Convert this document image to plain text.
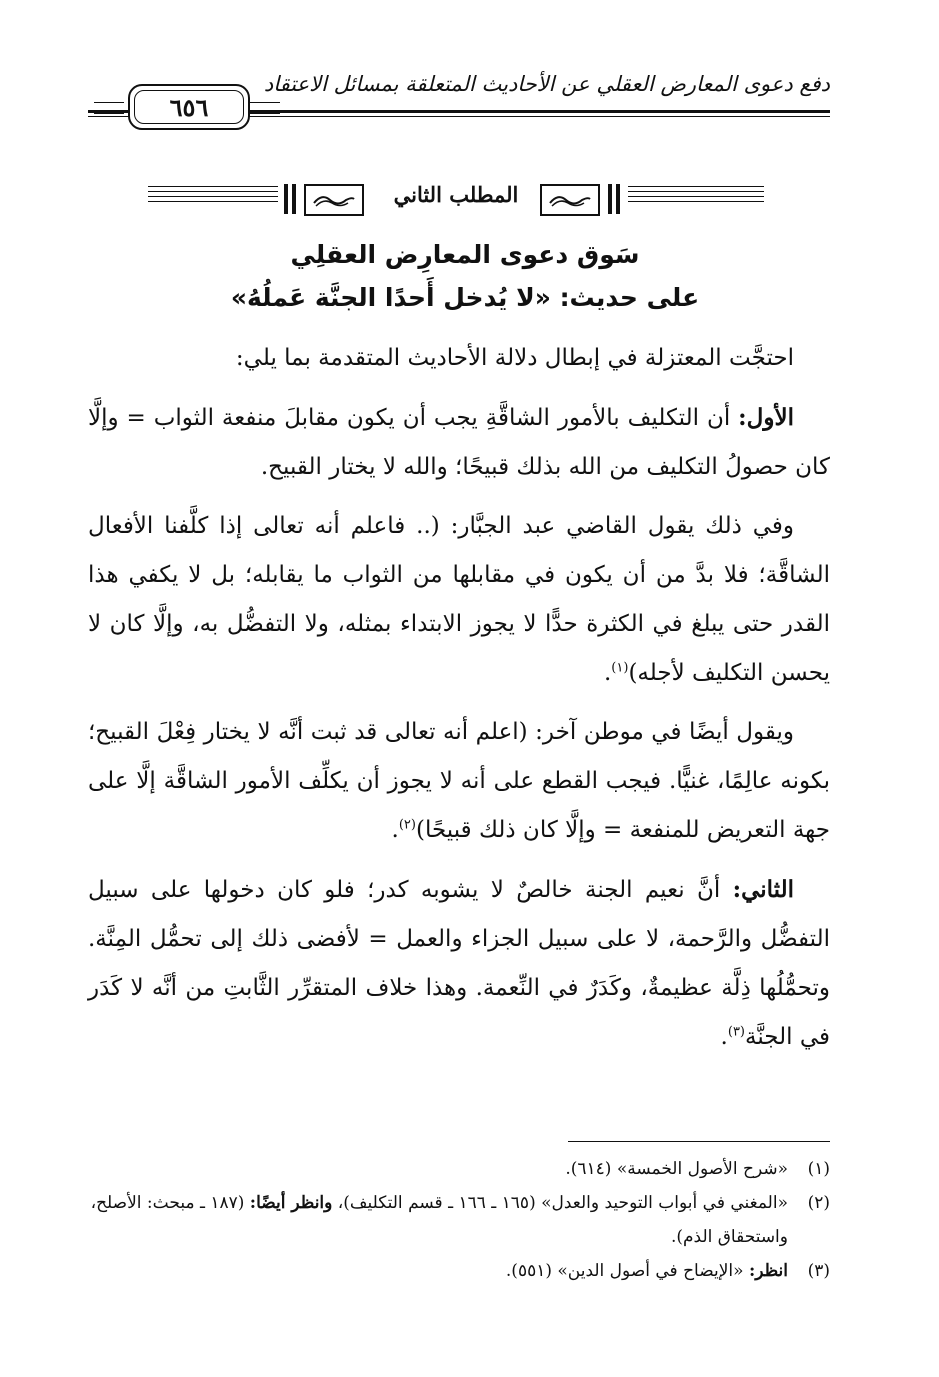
دفع دعوى المعارض العقلي عن الأحاديث المتعلقة بمسائل الاعتقاد
٦٥٦
المطلب الثاني
سَوق دعوى المعارِض العقلِي
على حديث: «لا يُدخل أَحدًا الجنَّة عَملُهُ»

احتجَّت المعتزلة في إبطال دلالة الأحاديث المتقدمة بما يلي:

الأول: أن التكليف بالأمور الشاقَّةِ يجب أن يكون مقابلَ منفعة الثواب = وإلَّا كان حصولُ التكليف من الله بذلك قبيحًا؛ والله لا يختار القبيح.

وفي ذلك يقول القاضي عبد الجبَّار: (.. فاعلم أنه تعالى إذا كلَّفنا الأفعال الشاقَّة؛ فلا بدَّ من أن يكون في مقابلها من الثواب ما يقابله؛ بل لا يكفي هذا القدر حتى يبلغ في الكثرة حدًّا لا يجوز الابتداء بمثله، ولا التفضُّل به، وإلَّا كان لا يحسن التكليف لأجله)$^{(١)}$.

ويقول أيضًا في موطن آخر: (اعلم أنه تعالى قد ثبت أنَّه لا يختار فِعْلَ القبيح؛ بكونه عالِمًا، غنيًّا. فيجب القطع على أنه لا يجوز أن يكلِّف الأمور الشاقَّة إلَّا على جهة التعريض للمنفعة = وإلَّا كان ذلك قبيحًا)$^{(٢)}$.

الثاني: أنَّ نعيم الجنة خالصٌ لا يشوبه كدر؛ فلو كان دخولها على سبيل التفضُّل والرَّحمة، لا على سبيل الجزاء والعمل = لأفضى ذلك إلى تحمُّل المِنَّة. وتحمُّلُها ذِلَّة عظيمةٌ، وكَدَرٌ في النِّعمة. وهذا خلاف المتقرِّر الثَّابتِ من أنَّه لا كَدَر في الجنَّة$^{(٣)}$.

(١)
«شرح الأصول الخمسة» (٦١٤).

(٢)
«المغني في أبواب التوحيد والعدل» (١٦٥ ـ ١٦٦ ـ قسم التكليف)، وانظر أيضًا: (١٨٧ ـ مبحث: الأصلح، واستحقاق الذم).

(٣)
انظر: «الإيضاح في أصول الدين» (٥٥١).
